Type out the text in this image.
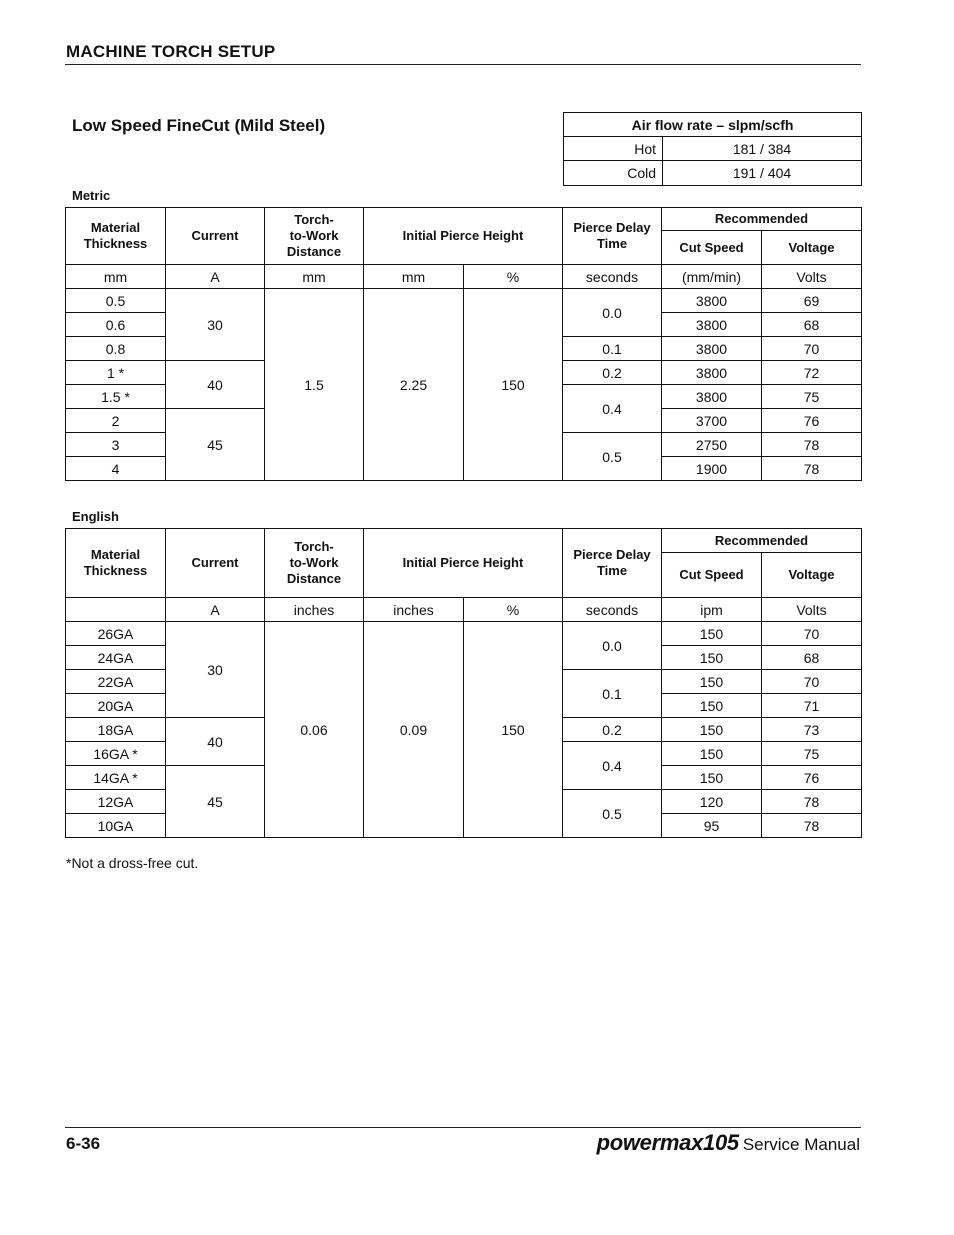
MACHINE TORCH SETUP
Low Speed FineCut (Mild Steel)	Air flow rate – slpm/scfh	
Hot	181 / 384
Cold	191 / 404
Metric
Material Thickness	Current	Torch-
to-Work
Distance	Initial Pierce Height		Pierce Delay Time	Recommended	
						Cut Speed	Voltage
mm	A	mm	mm	%	seconds	(mm/min)	Volts
0.5	30	1.5	2.25	150	0.0	3800	69
0.6						3800	68
0.8					0.1	3800	70
1 *	40				0.2	3800	72
1.5 *					0.4	3800	75
2	45					3700	76
3					0.5	2750	78
4						1900	78
English
Material Thickness	Current	Torch-
to-Work
Distance	Initial Pierce Height		Pierce Delay Time	Recommended	
						Cut Speed	Voltage
	A	inches	inches	%	seconds	ipm	Volts
26GA	30	0.06	0.09	150	0.0	150	70
24GA						150	68
22GA					0.1	150	70
20GA						150	71
18GA	40				0.2	150	73
16GA *					0.4	150	75
14GA *	45					150	76
12GA					0.5	120	78
10GA						95	78
*Not a dross-free cut.
6-36	powermax105 Service Manual
